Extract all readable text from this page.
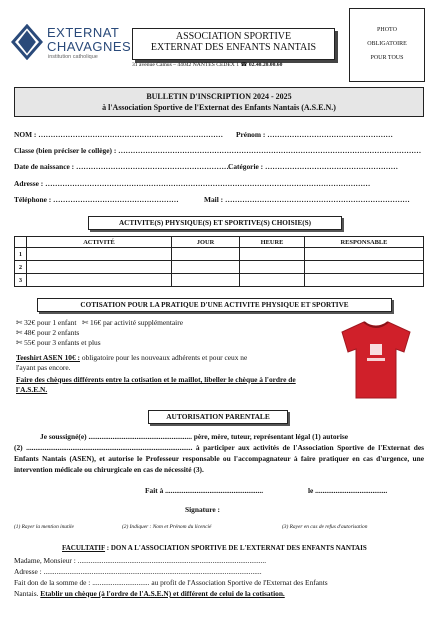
EXTERNAT
CHAVAGNES
institution catholique
ASSOCIATION SPORTIVE
EXTERNAT DES ENFANTS NANTAIS
31 avenue Camus – 44042 NANTES CEDEX 1 ☎ 02.40.20.00.60
PHOTO
OBLIGATOIRE
POUR TOUS
BULLETIN D'INSCRIPTION 2024 - 2025
à l'Association Sportive de l'Externat des Enfants Nantais (A.S.E.N.)
NOM : ………………………………………………………………… Prénom : ……………………………………………
Classe (bien préciser le collège) : ……………………………………………………………………………………………………………
Date de naissance : ………………………………………………………
Catégorie : ………………………………………………
Adresse : ……………………………………………………………………………………………………………………
Téléphone : ……………………………………………	Mail : …………………………………………………………………
ACTIVITE(S) PHYSIQUE(S) ET SPORTIVE(S) CHOISIE(S)
	ACTIVITÉ	JOUR	HEURE	RESPONSABLE
1				
2				
3				
COTISATION POUR LA PRATIQUE D'UNE ACTIVITE PHYSIQUE ET SPORTIVE
✄ 32€ pour 1 enfant ✄ 16€ par activité supplémentaire
✄ 48€ pour 2 enfants
✄ 55€ pour 3 enfants et plus
Teeshirt ASEN 10€ : obligatoire pour les nouveaux adhérents et pour ceux ne
l'ayant pas encore.
Faire des chèques différents entre la cotisation et le maillot, libeller le chèque à l'ordre de l'A.S.E.N.
AUTORISATION PARENTALE
Je soussigné(e) ........................................................ père, mère, tuteur, représentant légal (1) autorise
(2) .......................................................................................... à participer aux activités de l'Association Sportive de l'Externat des Enfants Nantais (ASEN), et autorise le Professeur responsable ou l'accompagnateur à faire pratiquer en cas d'urgence, une intervention médicale ou chirurgicale en cas de nécessité (3).
Fait à .....................................................	le .......................................
Signature :
(1) Rayer la mention inutile	(2) Indiquer : Nom et Prénom du licencié	(3) Rayer en cas de refus d'autorisation
FACULTATIF : DON A L'ASSOCIATION SPORTIVE DE L'EXTERNAT DES ENFANTS NANTAIS
Madame, Monsieur : ......................................................................................................
Adresse : ......................................................................................................................
Fait don de la somme de : ............................... au profit de l'Association Sportive de l'Externat des Enfants
Nantais. Etablir un chèque (à l'ordre de l'A.S.E.N) et différent de celui de la cotisation.
